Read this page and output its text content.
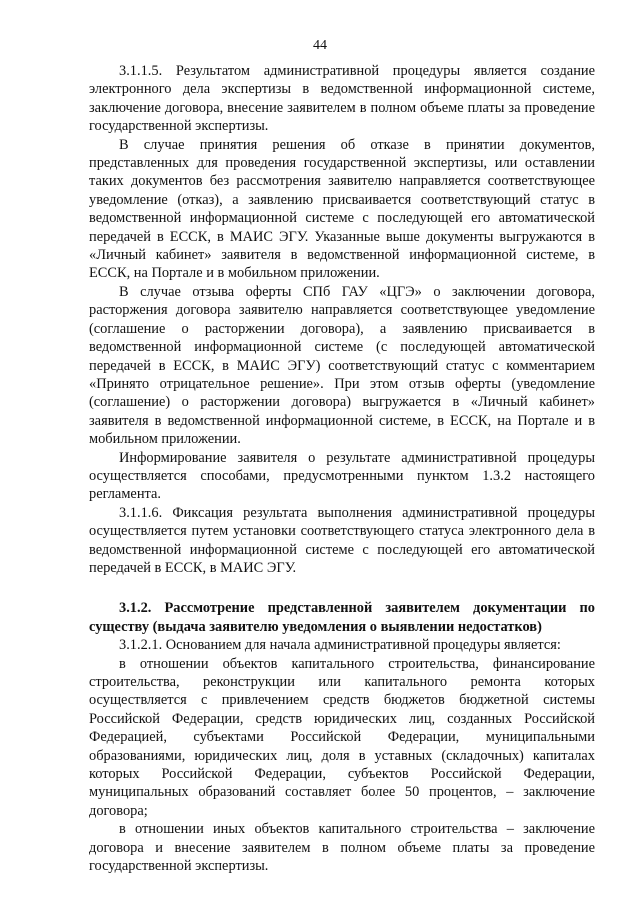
44

3.1.1.5. Результатом административной процедуры является создание электронного дела экспертизы в ведомственной информационной системе, заключение договора, внесение заявителем в полном объеме платы за проведение государственной экспертизы.

В случае принятия решения об отказе в принятии документов, представленных для проведения государственной экспертизы, или оставлении таких документов без рассмотрения заявителю направляется соответствующее уведомление (отказ), а заявлению присваивается соответствующий статус в ведомственной информационной системе с последующей его автоматической передачей в ЕССК, в МАИС ЭГУ. Указанные выше документы выгружаются в «Личный кабинет» заявителя в ведомственной информационной системе, в ЕССК, на Портале и в мобильном приложении.

В случае отзыва оферты СПб ГАУ «ЦГЭ» о заключении договора, расторжения договора заявителю направляется соответствующее уведомление (соглашение о расторжении договора), а заявлению присваивается в ведомственной информационной системе (с последующей автоматической передачей в ЕССК, в МАИС ЭГУ) соответствующий статус с комментарием «Принято отрицательное решение». При этом отзыв оферты (уведомление (соглашение) о расторжении договора) выгружается в «Личный кабинет» заявителя в ведомственной информационной системе, в ЕССК, на Портале и в мобильном приложении.

Информирование заявителя о результате административной процедуры осуществляется способами, предусмотренными пунктом 1.3.2 настоящего регламента.

3.1.1.6. Фиксация результата выполнения административной процедуры осуществляется путем установки соответствующего статуса электронного дела в ведомственной информационной системе с последующей его автоматической передачей в ЕССК, в МАИС ЭГУ.

3.1.2. Рассмотрение представленной заявителем документации по существу (выдача заявителю уведомления о выявлении недостатков)

3.1.2.1. Основанием для начала административной процедуры является:

в отношении объектов капитального строительства, финансирование строительства, реконструкции или капитального ремонта которых осуществляется с привлечением средств бюджетов бюджетной системы Российской Федерации, средств юридических лиц, созданных Российской Федерацией, субъектами Российской Федерации, муниципальными образованиями, юридических лиц, доля в уставных (складочных) капиталах которых Российской Федерации, субъектов Российской Федерации, муниципальных образований составляет более 50 процентов, – заключение договора;

в отношении иных объектов капитального строительства – заключение договора и внесение заявителем в полном объеме платы за проведение государственной экспертизы.
